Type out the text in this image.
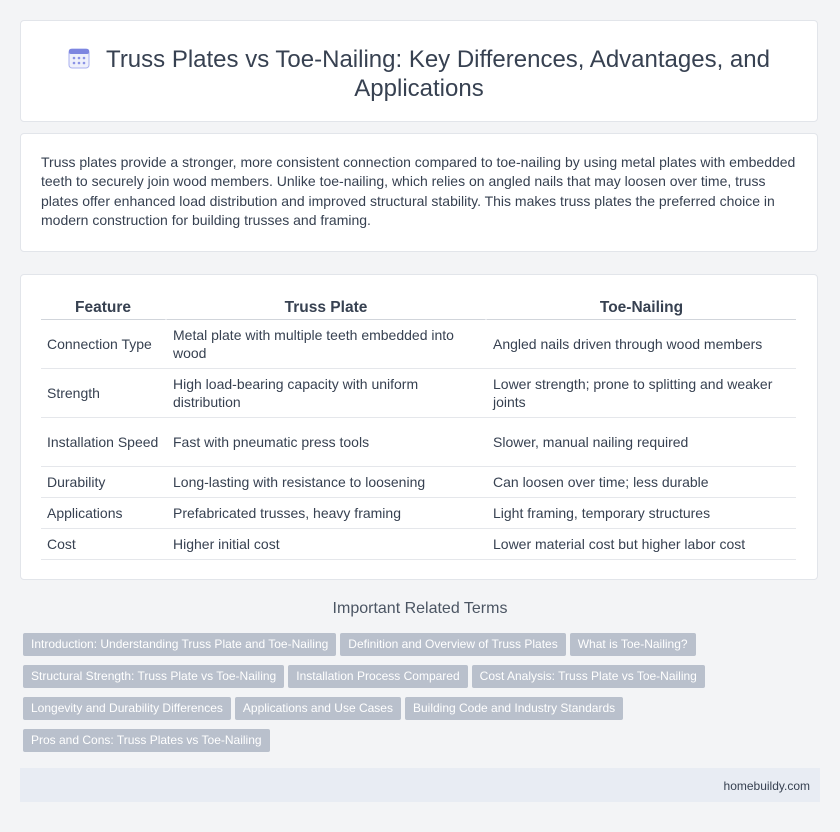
Truss Plates vs Toe-Nailing: Key Differences, Advantages, and Applications

Truss plates provide a stronger, more consistent connection compared to toe-nailing by using metal plates with embedded teeth to securely join wood members. Unlike toe-nailing, which relies on angled nails that may loosen over time, truss plates offer enhanced load distribution and improved structural stability. This makes truss plates the preferred choice in modern construction for building trusses and framing.

Feature		Truss Plate		Toe-Nailing
Connection Type		Metal plate with multiple teeth embedded into wood		Angled nails driven through wood members
Strength		High load-bearing capacity with uniform distribution		Lower strength; prone to splitting and weaker joints
Installation Speed		Fast with pneumatic press tools		Slower, manual nailing required
Durability		Long-lasting with resistance to loosening		Can loosen over time; less durable
Applications		Prefabricated trusses, heavy framing		Light framing, temporary structures
Cost		Higher initial cost		Lower material cost but higher labor cost
Important Related Terms
Introduction: Understanding Truss Plate and Toe-Nailing Definition and Overview of Truss Plates What is Toe-Nailing?
Structural Strength: Truss Plate vs Toe-Nailing Installation Process Compared Cost Analysis: Truss Plate vs Toe-Nailing
Longevity and Durability Differences Applications and Use Cases Building Code and Industry Standards
Pros and Cons: Truss Plates vs Toe-Nailing
homebuildy.com
